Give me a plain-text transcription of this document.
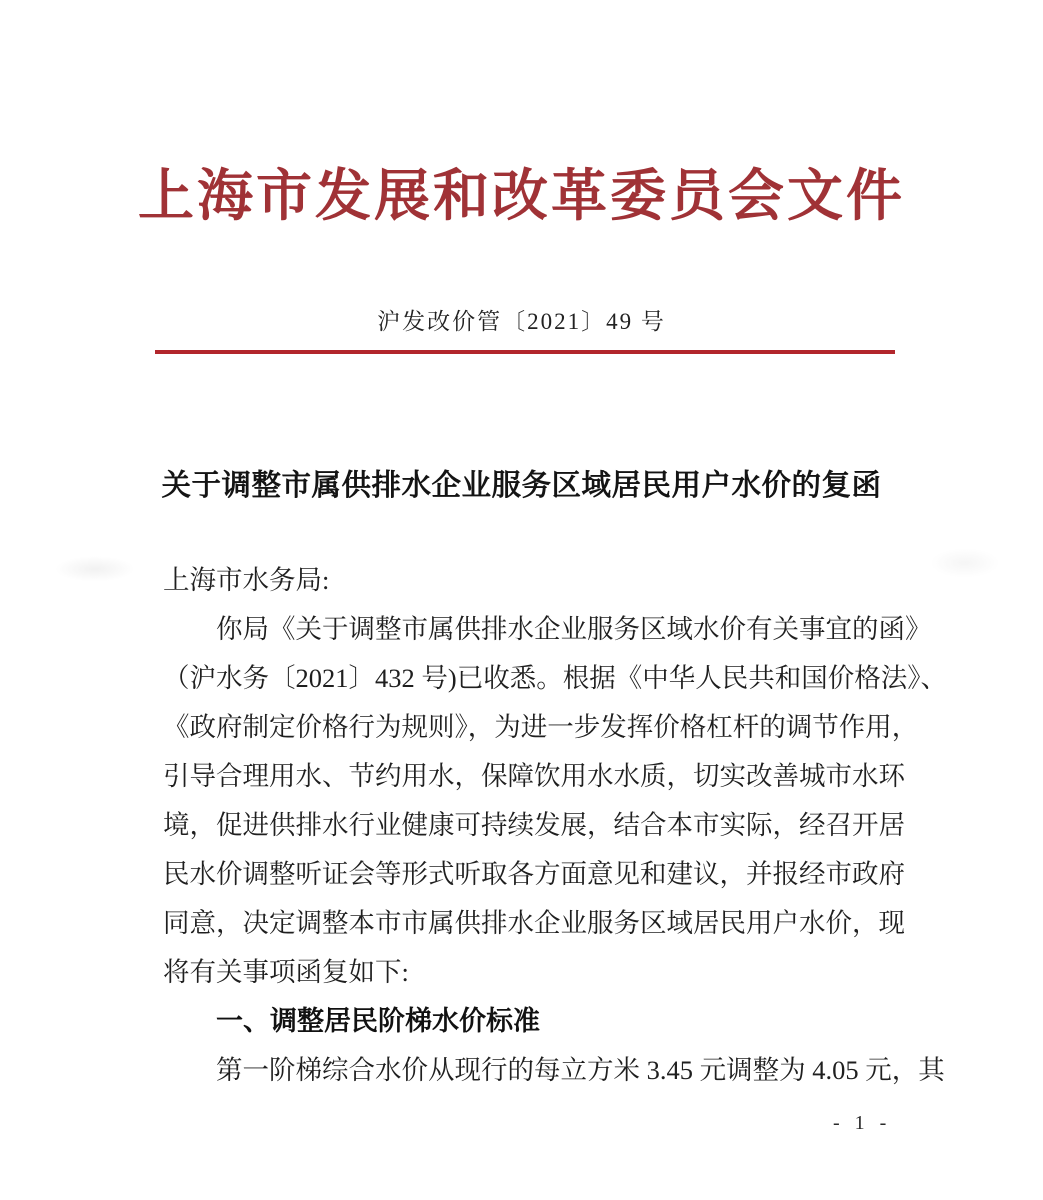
上海市发展和改革委员会文件
沪发改价管〔2021〕49 号
关于调整市属供排水企业服务区域居民用户水价的复函
上海市水务局:
你局《关于调整市属供排水企业服务区域水价有关事宜的函》
（沪水务〔2021〕432 号)已收悉。根据《中华人民共和国价格法》、
《政府制定价格行为规则》，为进一步发挥价格杠杆的调节作用，
引导合理用水、节约用水，保障饮用水水质，切实改善城市水环
境，促进供排水行业健康可持续发展，结合本市实际，经召开居
民水价调整听证会等形式听取各方面意见和建议，并报经市政府
同意，决定调整本市市属供排水企业服务区域居民用户水价，现
将有关事项函复如下:
一、调整居民阶梯水价标准
第一阶梯综合水价从现行的每立方米 3.45 元调整为 4.05 元，其
- 1 -
